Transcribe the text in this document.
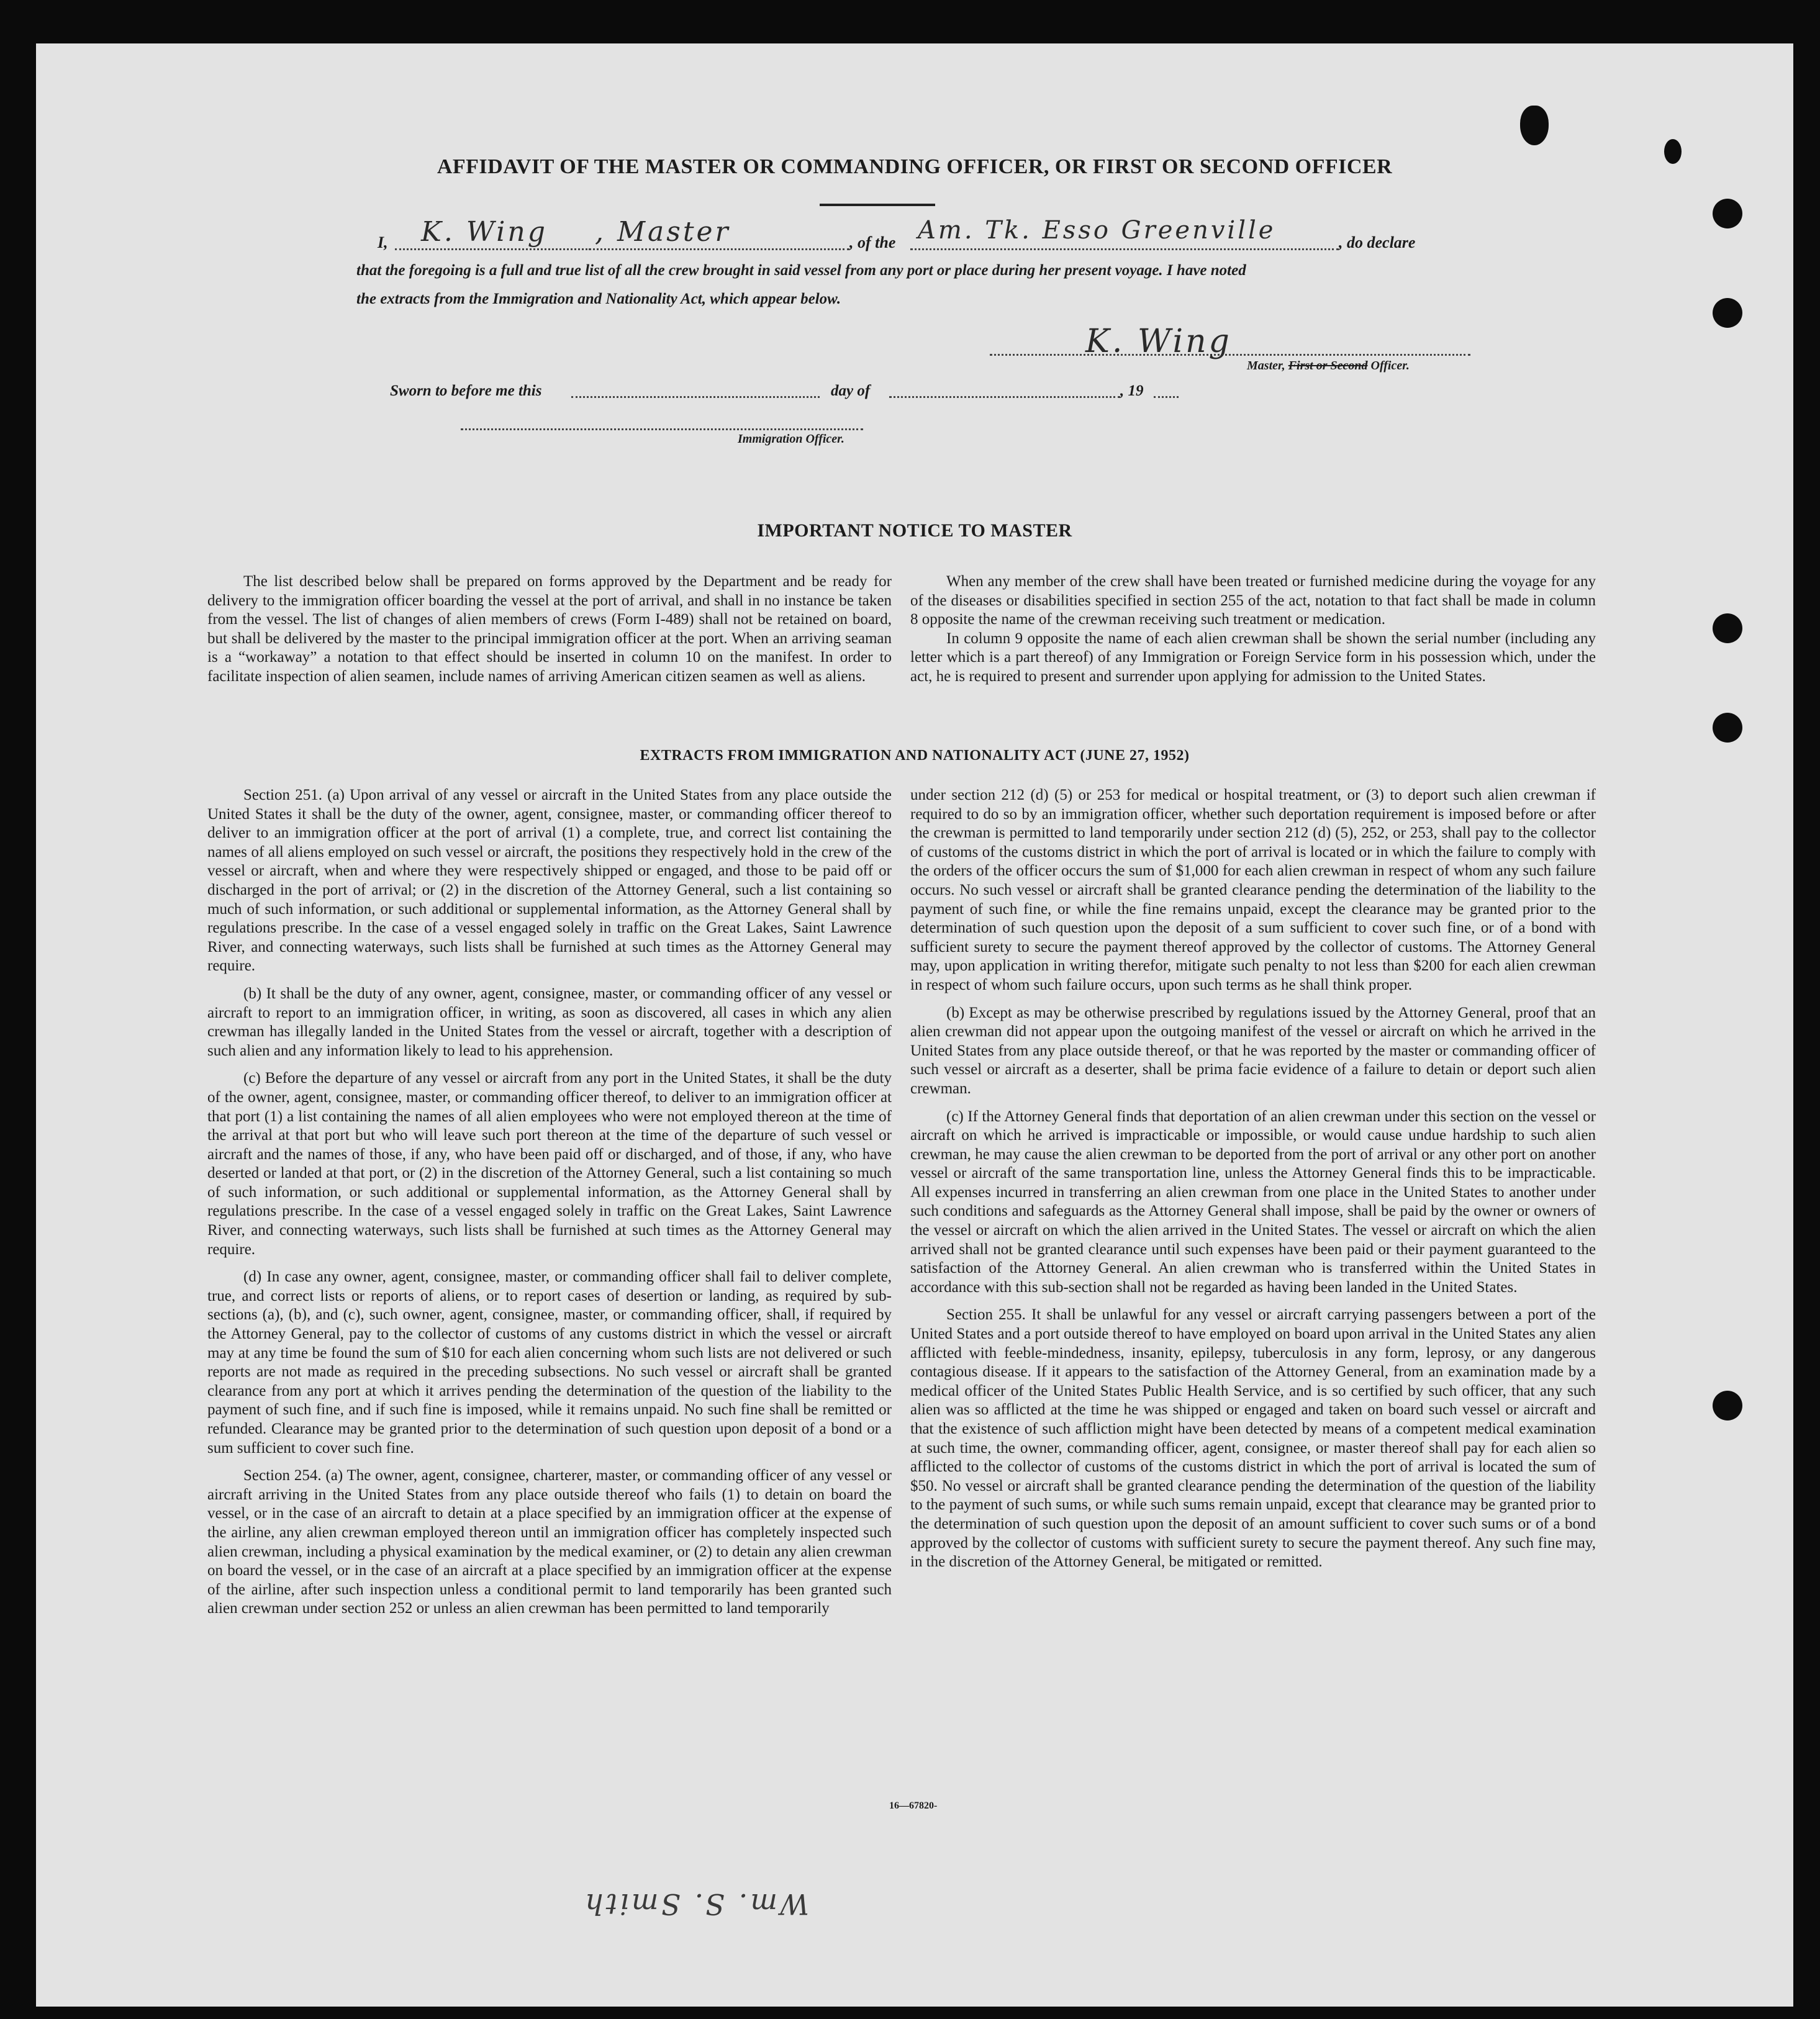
AFFIDAVIT OF THE MASTER OR COMMANDING OFFICER, OR FIRST OR SECOND OFFICER
I, K. Wing , Master	, of the Am. Tk. Esso Greenville	, do declare
that the foregoing is a full and true list of all the crew brought in said vessel from any port or place during her present voyage. I have noted
the extracts from the Immigration and Nationality Act, which appear below.
K. Wing
Master, First or Second Officer.
Sworn to before me this	day of	, 19
Immigration Officer.
IMPORTANT NOTICE TO MASTER

The list described below shall be prepared on forms approved by the Department and be ready for delivery to the immigration officer boarding the vessel at the port of arrival, and shall in no instance be taken from the vessel. The list of changes of alien members of crews (Form I-489) shall not be retained on board, but shall be delivered by the master to the principal immigration officer at the port. When an arriving seaman is a “workaway” a notation to that effect should be inserted in column 10 on the manifest. In order to facilitate inspection of alien seamen, include names of arriving American citizen seamen as well as aliens.

When any member of the crew shall have been treated or furnished medicine during the voyage for any of the diseases or disabilities specified in section 255 of the act, notation to that fact shall be made in column 8 opposite the name of the crewman receiving such treatment or medication.

In column 9 opposite the name of each alien crewman shall be shown the serial number (including any letter which is a part thereof) of any Immigration or Foreign Service form in his possession which, under the act, he is required to present and surrender upon applying for admission to the United States.

EXTRACTS FROM IMMIGRATION AND NATIONALITY ACT (JUNE 27, 1952)

Section 251. (a) Upon arrival of any vessel or aircraft in the United States from any place outside the United States it shall be the duty of the owner, agent, consignee, master, or commanding officer thereof to deliver to an immigration officer at the port of arrival (1) a complete, true, and correct list containing the names of all aliens employed on such vessel or aircraft, the positions they respectively hold in the crew of the vessel or aircraft, when and where they were respectively shipped or engaged, and those to be paid off or discharged in the port of arrival; or (2) in the discretion of the Attorney General, such a list containing so much of such information, or such additional or supplemental information, as the Attorney General shall by regulations prescribe. In the case of a vessel engaged solely in traffic on the Great Lakes, Saint Lawrence River, and connecting waterways, such lists shall be furnished at such times as the Attorney General may require.

(b) It shall be the duty of any owner, agent, consignee, master, or commanding officer of any vessel or aircraft to report to an immigration officer, in writing, as soon as discovered, all cases in which any alien crewman has illegally landed in the United States from the vessel or aircraft, together with a description of such alien and any information likely to lead to his apprehension.

(c) Before the departure of any vessel or aircraft from any port in the United States, it shall be the duty of the owner, agent, consignee, master, or commanding officer thereof, to deliver to an immigration officer at that port (1) a list containing the names of all alien employees who were not employed thereon at the time of the arrival at that port but who will leave such port thereon at the time of the departure of such vessel or aircraft and the names of those, if any, who have been paid off or discharged, and of those, if any, who have deserted or landed at that port, or (2) in the discretion of the Attorney General, such a list containing so much of such information, or such additional or supplemental information, as the Attorney General shall by regulations prescribe. In the case of a vessel engaged solely in traffic on the Great Lakes, Saint Lawrence River, and connecting waterways, such lists shall be furnished at such times as the Attorney General may require.

(d) In case any owner, agent, consignee, master, or commanding officer shall fail to deliver complete, true, and correct lists or reports of aliens, or to report cases of desertion or landing, as required by sub-sections (a), (b), and (c), such owner, agent, consignee, master, or commanding officer, shall, if required by the Attorney General, pay to the collector of customs of any customs district in which the vessel or aircraft may at any time be found the sum of $10 for each alien concerning whom such lists are not delivered or such reports are not made as required in the preceding subsections. No such vessel or aircraft shall be granted clearance from any port at which it arrives pending the determination of the question of the liability to the payment of such fine, and if such fine is imposed, while it remains unpaid. No such fine shall be remitted or refunded. Clearance may be granted prior to the determination of such question upon deposit of a bond or a sum sufficient to cover such fine.

Section 254. (a) The owner, agent, consignee, charterer, master, or commanding officer of any vessel or aircraft arriving in the United States from any place outside thereof who fails (1) to detain on board the vessel, or in the case of an aircraft to detain at a place specified by an immigration officer at the expense of the airline, any alien crewman employed thereon until an immigration officer has completely inspected such alien crewman, including a physical examination by the medical examiner, or (2) to detain any alien crewman on board the vessel, or in the case of an aircraft at a place specified by an immigration officer at the expense of the airline, after such inspection unless a conditional permit to land temporarily has been granted such alien crewman under section 252 or unless an alien crewman has been permitted to land temporarily

under section 212 (d) (5) or 253 for medical or hospital treatment, or (3) to deport such alien crewman if required to do so by an immigration officer, whether such deportation requirement is imposed before or after the crewman is permitted to land temporarily under section 212 (d) (5), 252, or 253, shall pay to the collector of customs of the customs district in which the port of arrival is located or in which the failure to comply with the orders of the officer occurs the sum of $1,000 for each alien crewman in respect of whom any such failure occurs. No such vessel or aircraft shall be granted clearance pending the determination of the liability to the payment of such fine, or while the fine remains unpaid, except the clearance may be granted prior to the determination of such question upon the deposit of a sum sufficient to cover such fine, or of a bond with sufficient surety to secure the payment thereof approved by the collector of customs. The Attorney General may, upon application in writing therefor, mitigate such penalty to not less than $200 for each alien crewman in respect of whom such failure occurs, upon such terms as he shall think proper.

(b) Except as may be otherwise prescribed by regulations issued by the Attorney General, proof that an alien crewman did not appear upon the outgoing manifest of the vessel or aircraft on which he arrived in the United States from any place outside thereof, or that he was reported by the master or commanding officer of such vessel or aircraft as a deserter, shall be prima facie evidence of a failure to detain or deport such alien crewman.

(c) If the Attorney General finds that deportation of an alien crewman under this section on the vessel or aircraft on which he arrived is impracticable or impossible, or would cause undue hardship to such alien crewman, he may cause the alien crewman to be deported from the port of arrival or any other port on another vessel or aircraft of the same transportation line, unless the Attorney General finds this to be impracticable. All expenses incurred in transferring an alien crewman from one place in the United States to another under such conditions and safeguards as the Attorney General shall impose, shall be paid by the owner or owners of the vessel or aircraft on which the alien arrived in the United States. The vessel or aircraft on which the alien arrived shall not be granted clearance until such expenses have been paid or their payment guaranteed to the satisfaction of the Attorney General. An alien crewman who is transferred within the United States in accordance with this sub-section shall not be regarded as having been landed in the United States.

Section 255. It shall be unlawful for any vessel or aircraft carrying passengers between a port of the United States and a port outside thereof to have employed on board upon arrival in the United States any alien afflicted with feeble-mindedness, insanity, epilepsy, tuberculosis in any form, leprosy, or any dangerous contagious disease. If it appears to the satisfaction of the Attorney General, from an examination made by a medical officer of the United States Public Health Service, and is so certified by such officer, that any such alien was so afflicted at the time he was shipped or engaged and taken on board such vessel or aircraft and that the existence of such affliction might have been detected by means of a competent medical examination at such time, the owner, commanding officer, agent, consignee, or master thereof shall pay for each alien so afflicted to the collector of customs of the customs district in which the port of arrival is located the sum of $50. No vessel or aircraft shall be granted clearance pending the determination of the question of the liability to the payment of such sums, or while such sums remain unpaid, except that clearance may be granted prior to the determination of such question upon the deposit of an amount sufficient to cover such sums or of a bond approved by the collector of customs with sufficient surety to secure the payment thereof. Any such fine may, in the discretion of the Attorney General, be mitigated or remitted.

16—67820-
Wm. S. Smith
